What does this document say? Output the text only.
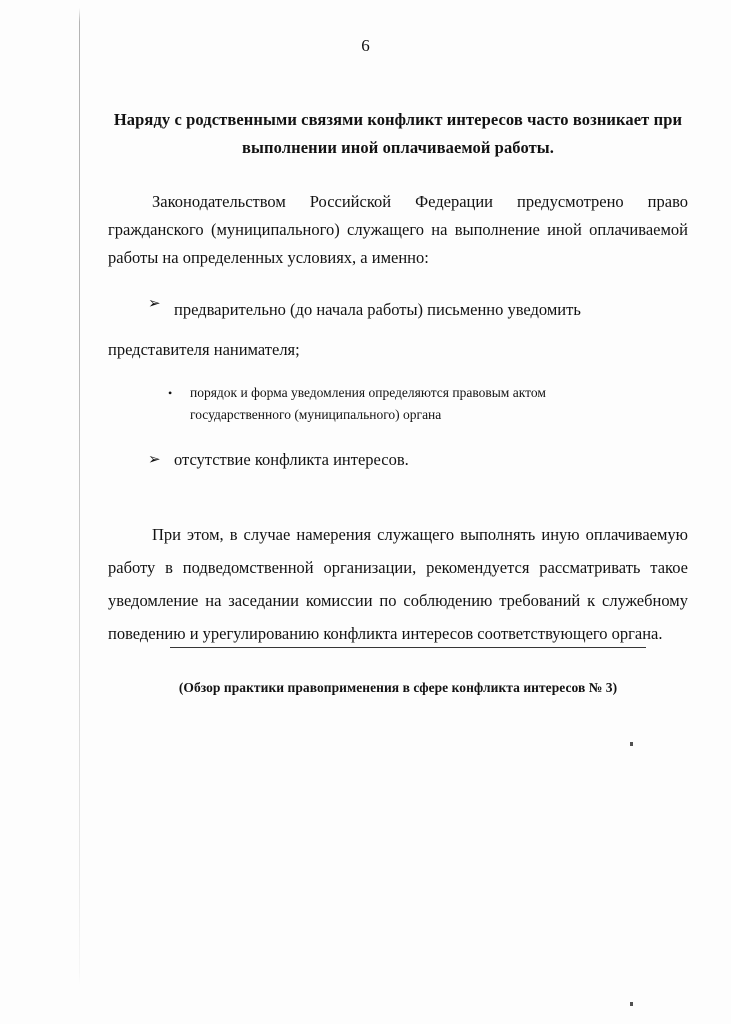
6
Наряду с родственными связями конфликт интересов часто возникает при выполнении иной оплачиваемой работы.

Законодательством Российской Федерации предусмотрено право гражданского (муниципального) служащего на выполнение иной оплачиваемой работы на определенных условиях, а именно:

➢ предварительно (до начала работы) письменно уведомить
представителя нанимателя;
•	порядок и форма уведомления определяются правовым актом
государственного (муниципального) органа
➢ отсутствие конфликта интересов.

При этом, в случае намерения служащего выполнять иную оплачиваемую работу в подведомственной организации, рекомендуется рассматривать такое уведомление на заседании комиссии по соблюдению требований к служебному поведению и урегулированию конфликта интересов соответствующего органа.

(Обзор практики правоприменения в сфере конфликта интересов № 3)
